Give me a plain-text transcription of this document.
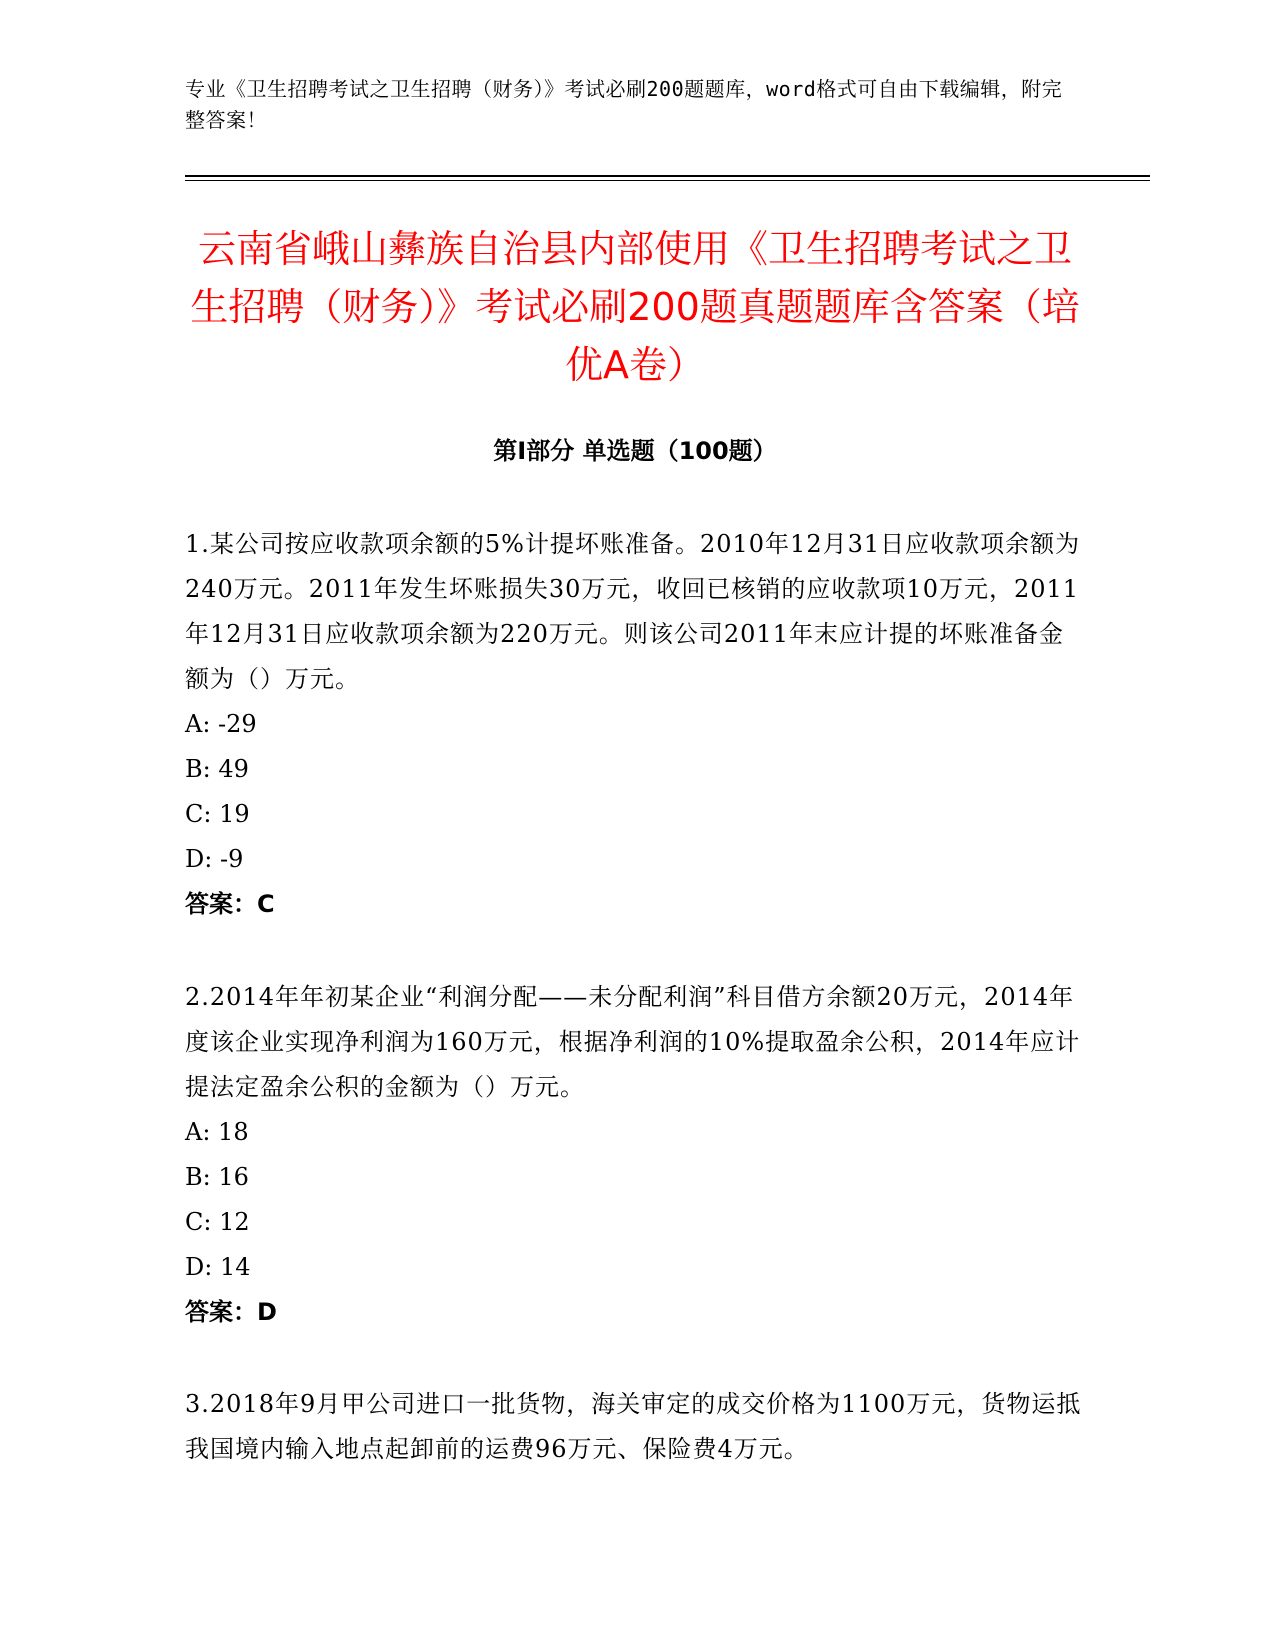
专业《卫生招聘考试之卫生招聘（财务）》考试必刷200题题库，word格式可自由下载编辑，附完整答案！
云南省峨山彝族自治县内部使用《卫生招聘考试之卫生招聘（财务）》考试必刷200题真题题库含答案（培优A卷）
第Ⅰ部分 单选题（100题）

1.某公司按应收款项余额的5%计提坏账准备。2010年12月31日应收款项余额为240万元。2011年发生坏账损失30万元，收回已核销的应收款项10万元，2011年12月31日应收款项余额为220万元。则该公司2011年末应计提的坏账准备金额为（）万元。

A: -29

B: 49

C: 19

D: -9

答案：C

2.2014年年初某企业“利润分配——未分配利润”科目借方余额20万元，2014年度该企业实现净利润为160万元，根据净利润的10%提取盈余公积，2014年应计提法定盈余公积的金额为（）万元。

A: 18

B: 16

C: 12

D: 14

答案：D

3.2018年9月甲公司进口一批货物，海关审定的成交价格为1100万元，货物运抵我国境内输入地点起卸前的运费96万元、保险费4万元。
